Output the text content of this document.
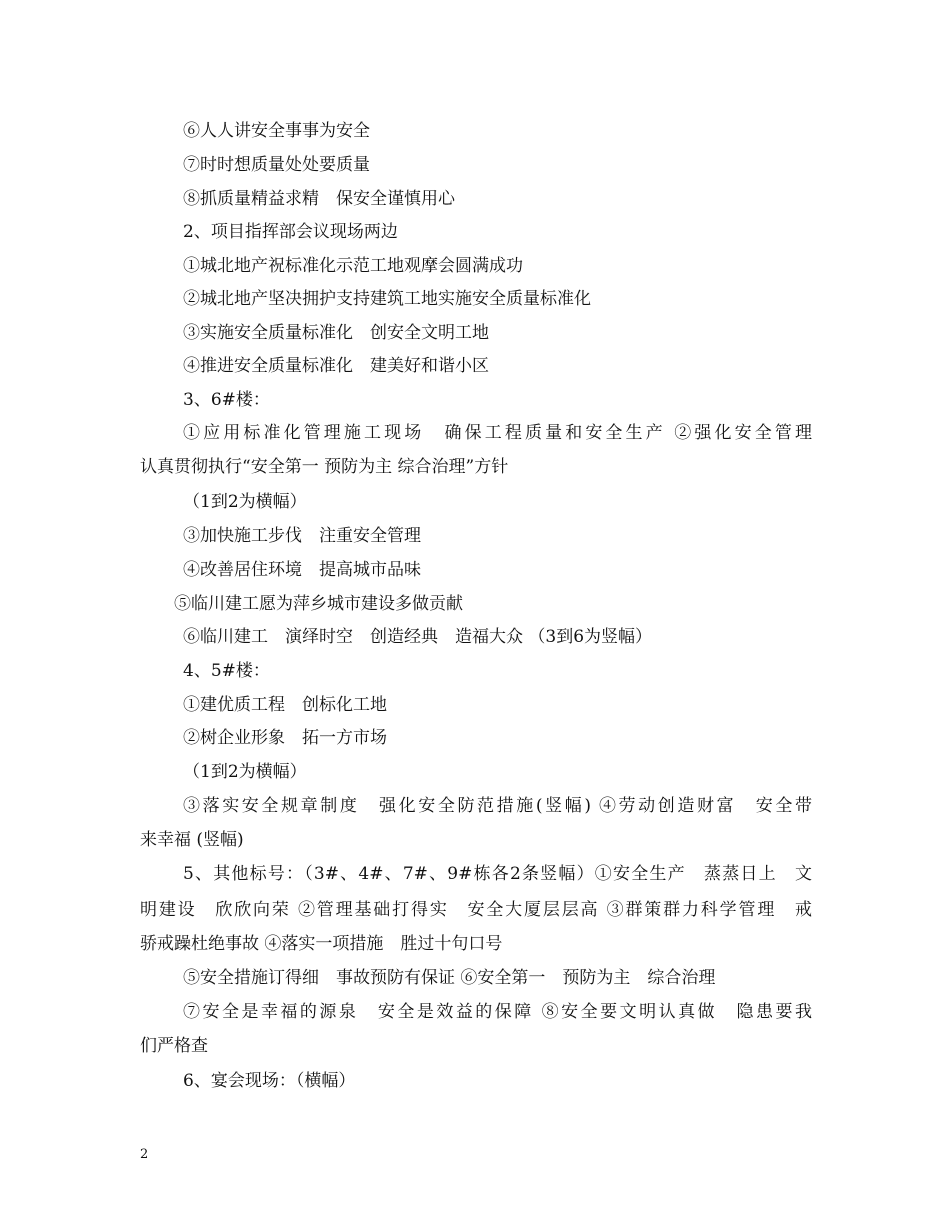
⑥人人讲安全事事为安全
⑦时时想质量处处要质量
⑧抓质量精益求精　保安全谨慎用心
2、项目指挥部会议现场两边
①城北地产祝标准化示范工地观摩会圆满成功
②城北地产坚决拥护支持建筑工地实施安全质量标准化
③实施安全质量标准化　创安全文明工地
④推进安全质量标准化　建美好和谐小区
3、6#楼：
①应用标准化管理施工现场　确保工程质量和安全生产 ②强化安全管理
认真贯彻执行“安全第一 预防为主 综合治理”方针
（1到2为横幅）
③加快施工步伐　注重安全管理
④改善居住环境　提高城市品味
⑤临川建工愿为萍乡城市建设多做贡献
⑥临川建工　演绎时空　创造经典　造福大众 （3到6为竖幅）
4、5#楼：
①建优质工程　创标化工地
②树企业形象　拓一方市场
（1到2为横幅）
③落实安全规章制度　强化安全防范措施(竖幅) ④劳动创造财富　安全带
来幸福 (竖幅)
5、其他标号：（3#、4#、7#、9#栋各2条竖幅）①安全生产　蒸蒸日上　文
明建设　欣欣向荣 ②管理基础打得实　安全大厦层层高 ③群策群力科学管理　戒
骄戒躁杜绝事故 ④落实一项措施　胜过十句口号
⑤安全措施订得细　事故预防有保证 ⑥安全第一　预防为主　综合治理
⑦安全是幸福的源泉　安全是效益的保障 ⑧安全要文明认真做　隐患要我
们严格查
6、宴会现场：（横幅）
2
